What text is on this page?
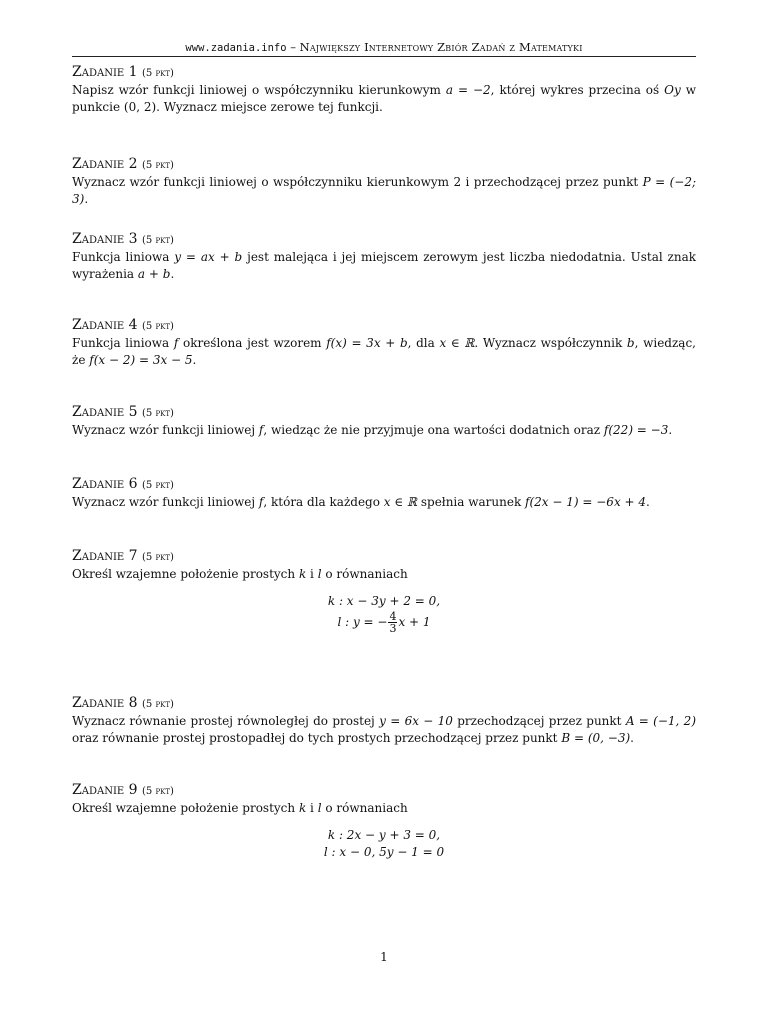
www.zadania.info – Największy Internetowy Zbiór Zadań z Matematyki
Zadanie 1 (5 pkt)
Napisz wzór funkcji liniowej o współczynniku kierunkowym a = −2, której wykres przecina oś Oy w punkcie (0, 2). Wyznacz miejsce zerowe tej funkcji.
Zadanie 2 (5 pkt)
Wyznacz wzór funkcji liniowej o współczynniku kierunkowym 2 i przechodzącej przez punkt P = (−2; 3).
Zadanie 3 (5 pkt)
Funkcja liniowa y = ax + b jest malejąca i jej miejscem zerowym jest liczba niedodatnia. Ustal znak wyrażenia a + b.
Zadanie 4 (5 pkt)
Funkcja liniowa f określona jest wzorem f(x) = 3x + b, dla x ∈ ℝ. Wyznacz współczynnik b, wiedząc, że f(x − 2) = 3x − 5.
Zadanie 5 (5 pkt)
Wyznacz wzór funkcji liniowej f, wiedząc że nie przyjmuje ona wartości dodatnich oraz f(22) = −3.
Zadanie 6 (5 pkt)
Wyznacz wzór funkcji liniowej f, która dla każdego x ∈ ℝ spełnia warunek f(2x − 1) = −6x + 4.
Zadanie 7 (5 pkt)
Określ wzajemne położenie prostych k i l o równaniach
k : x − 3y + 2 = 0,
l : y = − $\frac{4}{3}$ x + 1
Zadanie 8 (5 pkt)
Wyznacz równanie prostej równoległej do prostej y = 6x − 10 przechodzącej przez punkt A = (−1, 2) oraz równanie prostej prostopadłej do tych prostych przechodzącej przez punkt B = (0, −3).
Zadanie 9 (5 pkt)
Określ wzajemne położenie prostych k i l o równaniach
k : 2x − y + 3 = 0,
l : x − 0, 5y − 1 = 0
1
